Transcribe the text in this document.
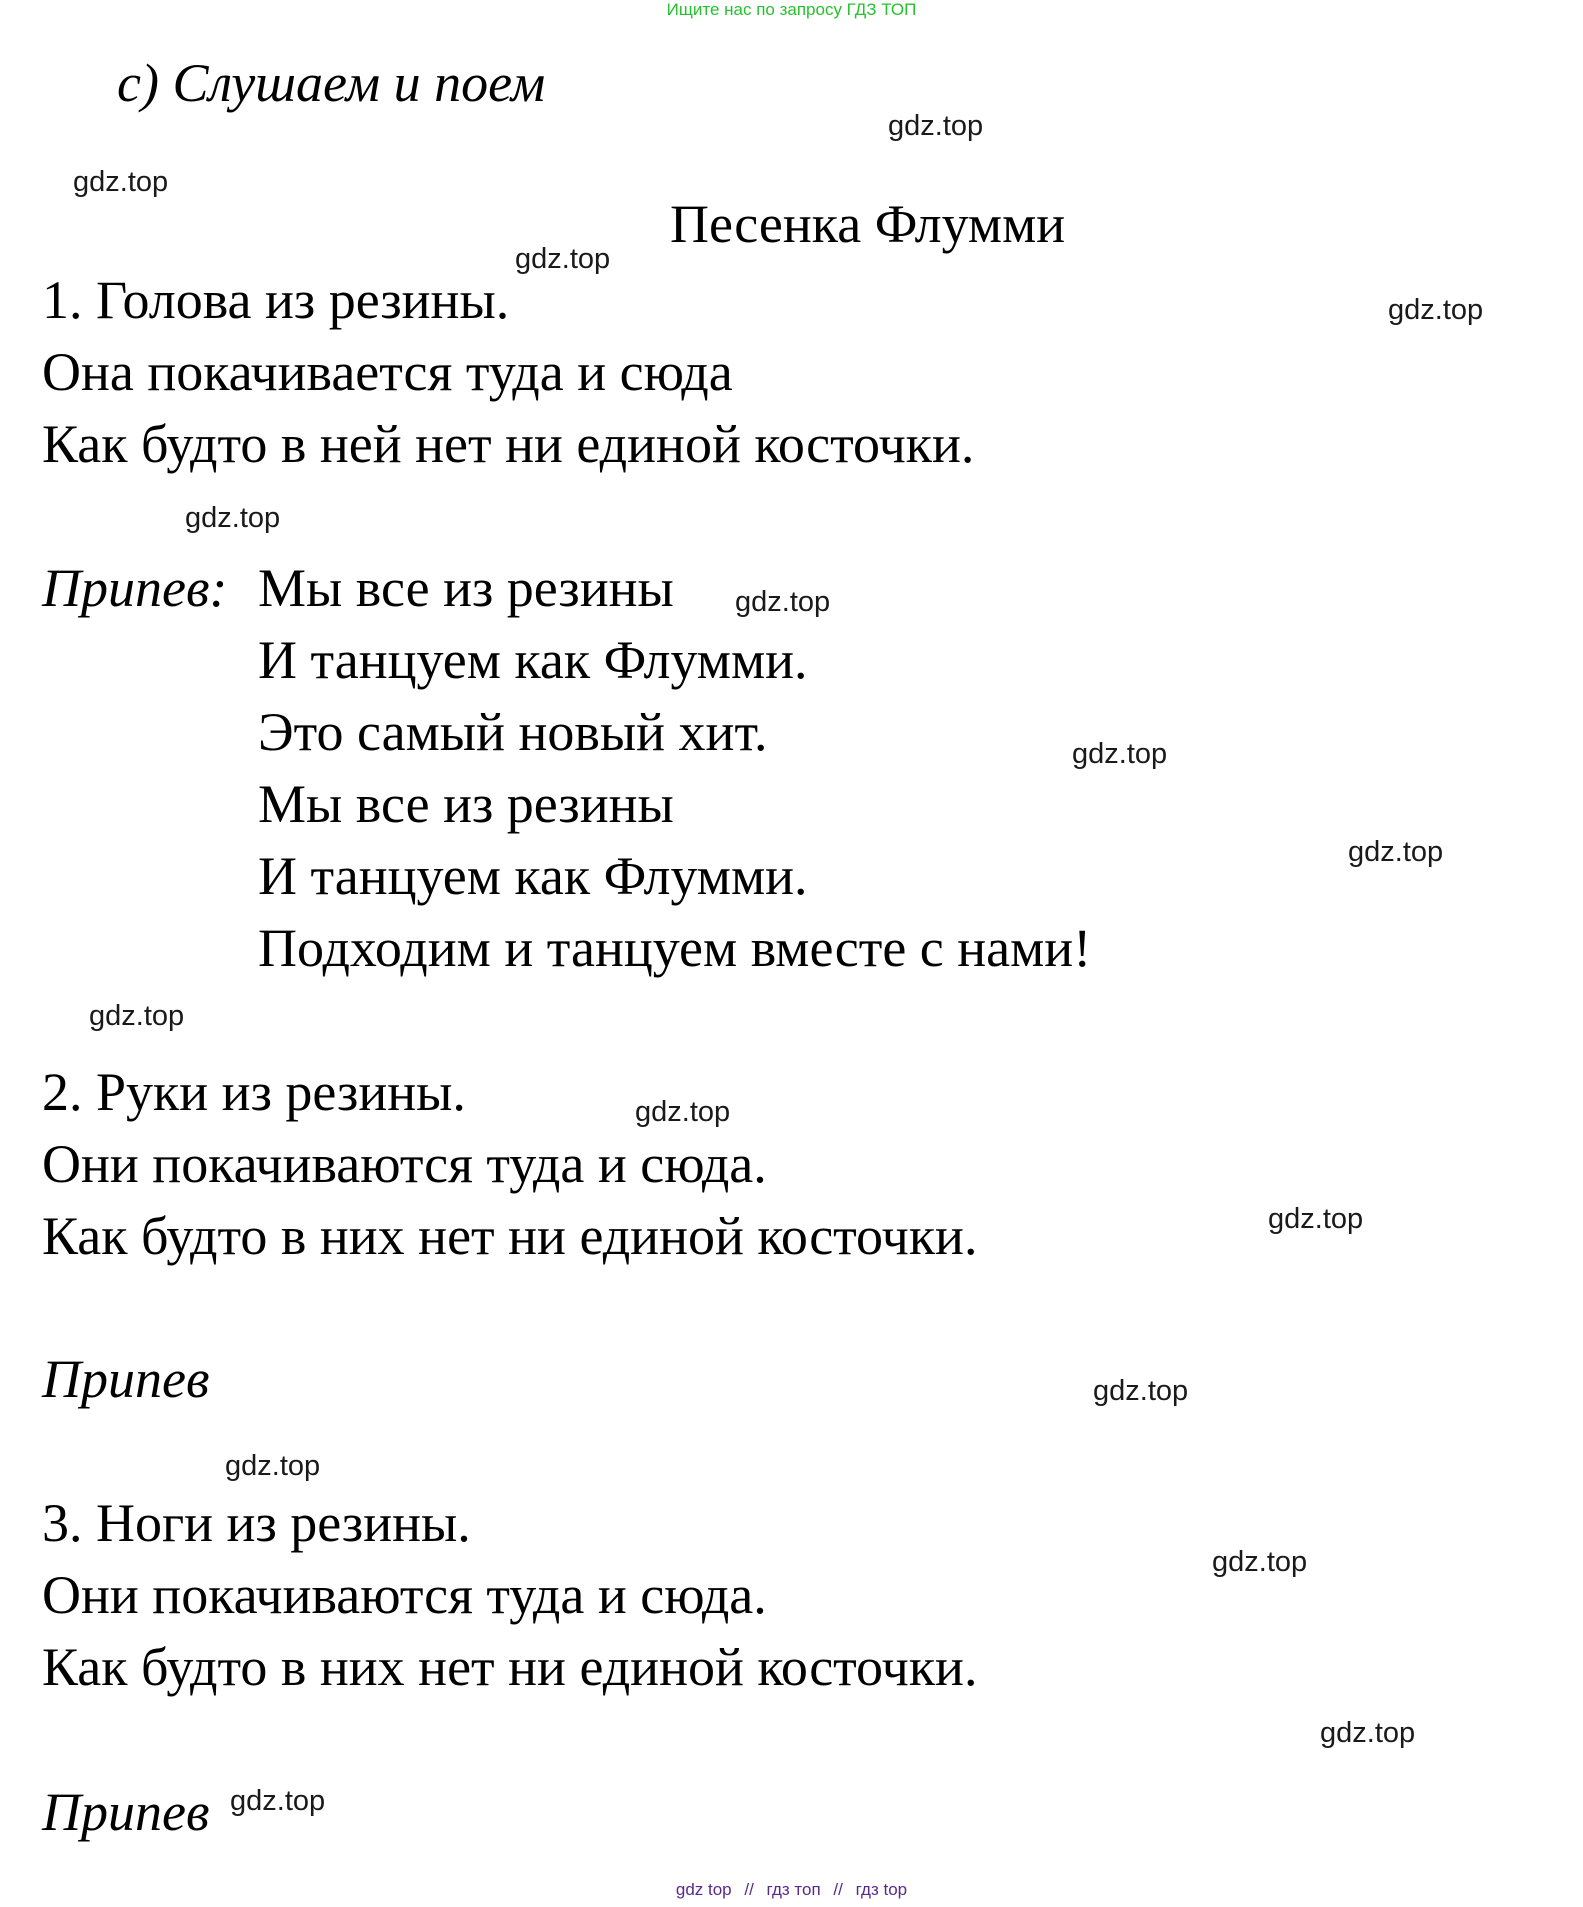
Ищите нас по запросу ГДЗ ТОП
c) Слушаем и поем
Песенка Флумми
1. Голова из резины.
Она покачивается туда и сюда
Как будто в ней нет ни единой косточки.
Припев: Мы все из резины
И танцуем как Флумми.
Это самый новый хит.
Мы все из резины
И танцуем как Флумми.
Подходим и танцуем вместе с нами!
2. Руки из резины.
Они покачиваются туда и сюда.
Как будто в них нет ни единой косточки.
Припев
3. Ноги из резины.
Они покачиваются туда и сюда.
Как будто в них нет ни единой косточки.
Припев
gdz.top
gdz.top
gdz.top
gdz.top
gdz.top
gdz.top
gdz.top
gdz.top
gdz.top
gdz.top
gdz.top
gdz.top
gdz.top
gdz.top
gdz.top
gdz.top
gdz top // гдз топ // гдз top
